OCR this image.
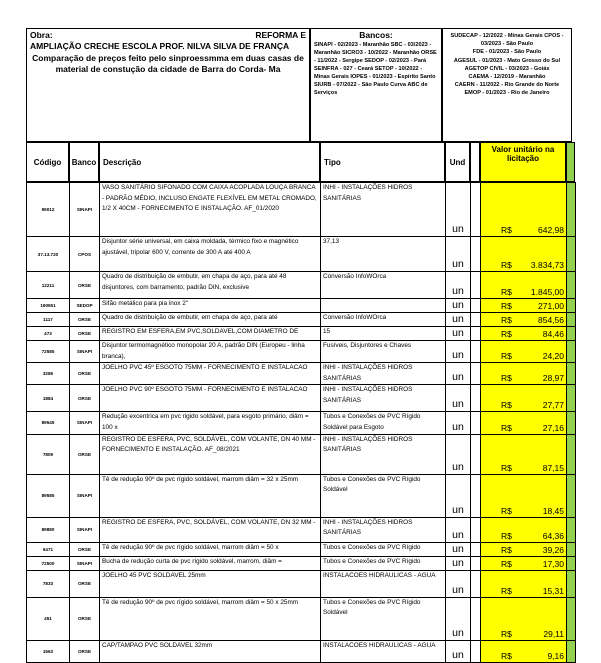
Obra:	REFORMA E
AMPLIAÇÃO CRECHE ESCOLA PROF. NILVA SILVA DE FRANÇA
Comparação de preços feito pelo sinproessmma em duas casas de material de constução da cidade de Barra do Corda- Ma
Bancos:
SINAPI - 02/2023 - Maranhão SBC - 03/2023 - Maranhão SICRO3 - 10/2022 - Maranhão ORSE - 11/2022 - Sergipe SEDOP - 02/2023 - Pará SEINFRA - 027 - Ceará SETOP - 10/2022 - Minas Gerais IOPES - 01/2023 - Espírito Santo SIURB - 07/2022 - São Paulo Curva ABC de Serviços
SUDECAP - 12/2022 - Minas Gerais CPOS - 03/2023 - São Paulo
FDE - 01/2023 - São Paulo
AGESUL - 01/2023 - Mato Grosso do Sul
AGETOP CIVIL - 03/2023 - Goiás
CAEMA - 12/2019 - Maranhão
CAERN - 11/2022 - Rio Grande do Norte
EMOP - 01/2023 - Rio de Janeiro
Código	Banco Descrição	Tipo	Und
Valor unitário na licitação
95012	SINAPI	VASO SANITÁRIO SIFONADO COM CAIXA ACOPLADA LOUÇA BRANCA - PADRÃO MÉDIO, INCLUSO ENGATE FLEXÍVEL EM METAL CROMADO, 1/2 X 40CM - FORNECIMENTO E INSTALAÇÃO. AF_01/2020	INHI - INSTALAÇÕES HIDROS SANITÁRIAS	un		R$ 642,98	

37.13.720	CPOS	Disjuntor série universal, em caixa moldada, térmico fixo e magnético ajustável, tripolar 600 V, corrente de 300 A até 400 A	37,13	un		R$ 3.834,73	

12211	ORSE	Quadro de distribuição de embutir, em chapa de aço, para até 48 disjuntores, com barramento, padrão DIN, exclusive	Conversão InfoWOrca	un		R$ 1.845,00	

190551	SEDOP	Sifão metálico para pia inox 2"		un		R$ 271,00	

1117	ORSE	Quadro de distribuição de embutir, em chapa de aço, para até	Conversão InfoWOrca	un		R$ 854,56	

473	ORSE	REGISTRO EM ESFERA,EM PVC,SOLDAVEL,COM DIAMETRO DE	15	un		R$ 84,46	

72585	SINAPI	Disjuntor termomagnético monopolar 20 A, padrão DIN (Europeu - linha branca),	Fusíveis, Disjuntores e Chaves	un		R$ 24,20	

3286	ORSE	JOELHO PVC 45º ESGOTO 75MM - FORNECIMENTO E INSTALACAO	INHI - INSTALAÇÕES HIDROS SANITÁRIAS	un		R$ 28,97	

1884	ORSE	JOELHO PVC 90º ESGOTO 75MM - FORNECIMENTO E INSTALACAO	INHI - INSTALAÇÕES HIDROS SANITÁRIAS	un		R$ 27,77	

89545	SINAPI	Redução excentrica em pvc rigido soldável, para esgoto primário, diâm = 100 x	Tubos e Conexões de PVC Rígido Soldável para Esgoto	un		R$ 27,16	

7809	ORSE	REGISTRO DE ESFERA, PVC, SOLDÁVEL, COM VOLANTE, DN 40 MM - FORNECIMENTO E INSTALAÇÃO. AF_08/2021	INHI - INSTALAÇÕES HIDROS SANITÁRIAS	un		R$ 87,15	

89585	SINAPI	Tê de redução 90º de pvc rígido soldável, marrom diâm = 32 x 25mm	Tubos e Conexões de PVC Rígido Soldável	un		R$ 18,45	

89880	SINAPI	REGISTRO DE ESFERA, PVC, SOLDÁVEL, COM VOLANTE, DN 32 MM -	INHI - INSTALAÇÕES HIDROS SANITÁRIAS	un		R$ 64,36	

6471	ORSE	Tê de redução 90º de pvc rígido soldável, marrom diâm = 50 x	Tubos e Conexões de PVC Rígido	un		R$ 39,26	

72500	SINAPI	Bucha de redução curta de pvc rígido soldável, marrom, diâm =	Tubos e Conexões de PVC Rígido	un		R$ 17,30	

7833	ORSE	JOELHO 45 PVC SOLDAVEL 25mm	INSTALACOES HIDRAULICAS - AGUA	un		R$ 15,31	

451	ORSE	Tê de redução 90º de pvc rígido soldável, marrom diâm = 50 x 25mm	Tubos e Conexões de PVC Rígido Soldável	un		R$ 29,11	

1563	ORSE	CAP/TAMPAO PVC SOLDAVEL 32mm	INSTALACOES HIDRAULICAS - AGUA	un		R$ 9,16	
